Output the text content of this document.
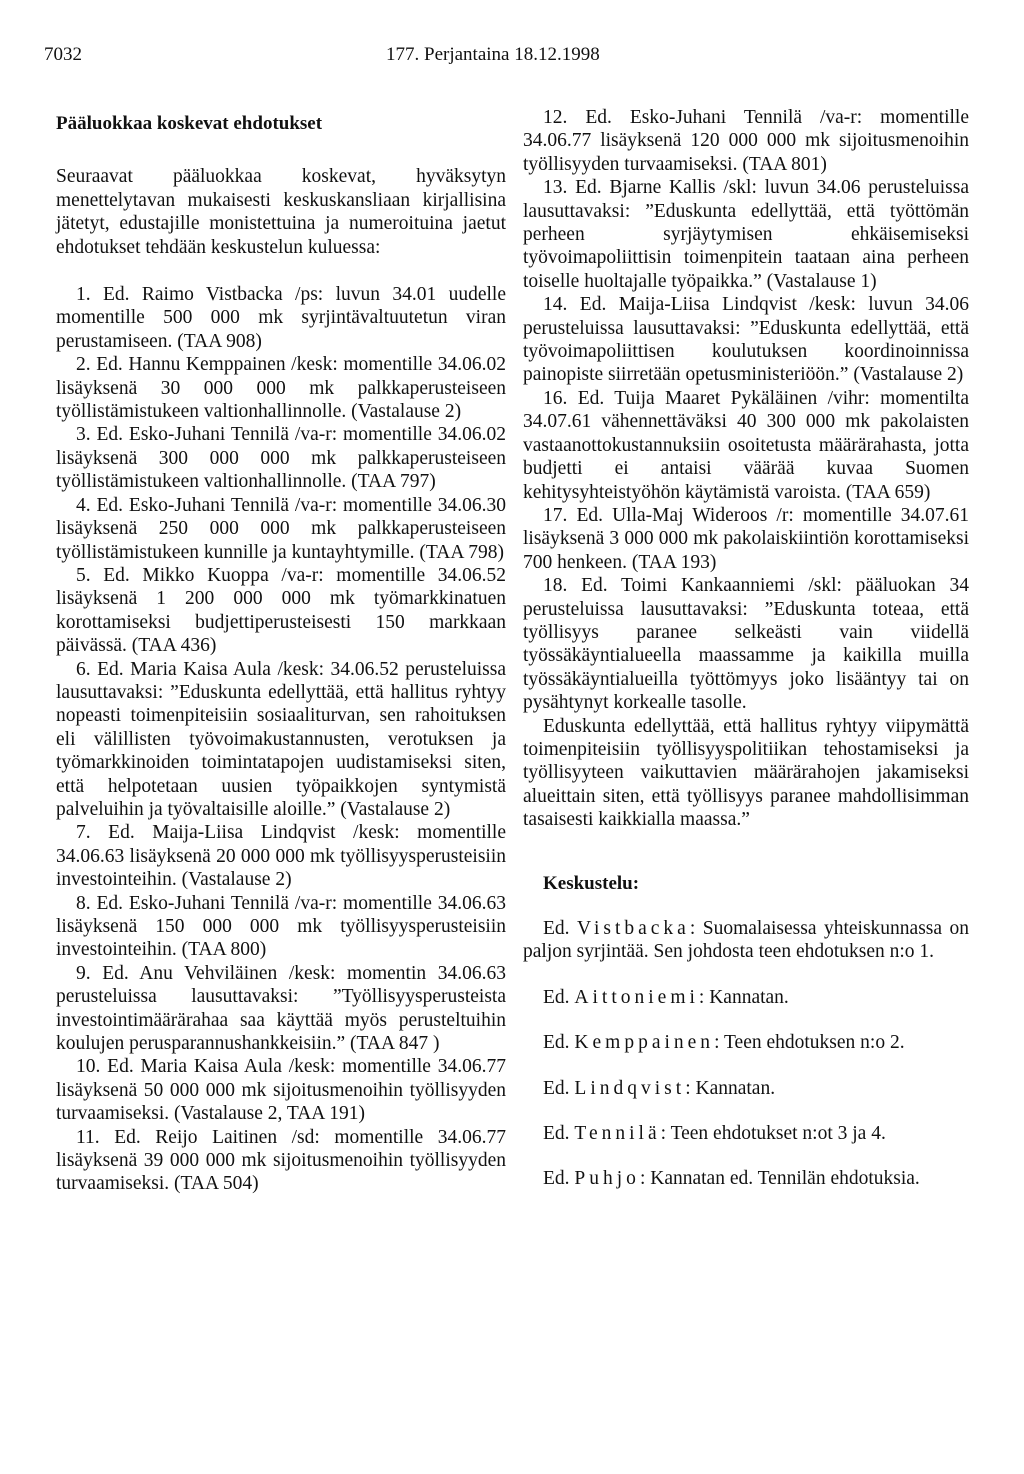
7032	177. Perjantaina 18.12.1998
Pääluokkaa koskevat ehdotukset

Seuraavat pääluokkaa koskevat, hyväksytyn menettelytavan mukaisesti keskuskansliaan kirjallisina jätetyt, edustajille monistettuina ja numeroituina jaetut ehdotukset tehdään keskustelun kuluessa:

1. Ed. Raimo Vistbacka /ps: luvun 34.01 uudelle momentille 500 000 mk syrjintävaltuutetun viran perustamiseen. (TAA 908)

2. Ed. Hannu Kemppainen /kesk: momentille 34.06.02 lisäyksenä 30 000 000 mk palkkaperusteiseen työllistämistukeen valtionhallinnolle. (Vastalause 2)

3. Ed. Esko-Juhani Tennilä /va-r: momentille 34.06.02 lisäyksenä 300 000 000 mk palkkaperusteiseen työllistämistukeen valtionhallinnolle. (TAA 797)

4. Ed. Esko-Juhani Tennilä /va-r: momentille 34.06.30 lisäyksenä 250 000 000 mk palkkaperusteiseen työllistämistukeen kunnille ja kuntayhtymille. (TAA 798)

5. Ed. Mikko Kuoppa /va-r: momentille 34.06.52 lisäyksenä 1 200 000 000 mk työmarkkinatuen korottamiseksi budjettiperusteisesti 150 markkaan päivässä. (TAA 436)

6. Ed. Maria Kaisa Aula /kesk: 34.06.52 perusteluissa lausuttavaksi: ”Eduskunta edellyttää, että hallitus ryhtyy nopeasti toimenpiteisiin sosiaaliturvan, sen rahoituksen eli välillisten työvoimakustannusten, verotuksen ja työmarkkinoiden toimintatapojen uudistamiseksi siten, että helpotetaan uusien työpaikkojen syntymistä palveluihin ja työvaltaisille aloille.” (Vastalause 2)

7. Ed. Maija-Liisa Lindqvist /kesk: momentille 34.06.63 lisäyksenä 20 000 000 mk työllisyysperusteisiin investointeihin. (Vastalause 2)

8. Ed. Esko-Juhani Tennilä /va-r: momentille 34.06.63 lisäyksenä 150 000 000 mk työllisyysperusteisiin investointeihin. (TAA 800)

9. Ed. Anu Vehviläinen /kesk: momentin 34.06.63 perusteluissa lausuttavaksi: ”Työllisyysperusteista investointimäärärahaa saa käyttää myös perusteltuihin koulujen perusparannushankkeisiin.” (TAA 847 )

10. Ed. Maria Kaisa Aula /kesk: momentille 34.06.77 lisäyksenä 50 000 000 mk sijoitusmenoihin työllisyyden turvaamiseksi. (Vastalause 2, TAA 191)

11. Ed. Reijo Laitinen /sd: momentille 34.06.77 lisäyksenä 39 000 000 mk sijoitusmenoihin työllisyyden turvaamiseksi. (TAA 504)

12. Ed. Esko-Juhani Tennilä /va-r: momentille 34.06.77 lisäyksenä 120 000 000 mk sijoitusmenoihin työllisyyden turvaamiseksi. (TAA 801)

13. Ed. Bjarne Kallis /skl: luvun 34.06 perusteluissa lausuttavaksi: ”Eduskunta edellyttää, että työttömän perheen syrjäytymisen ehkäisemiseksi työvoimapoliittisin toimenpitein taataan aina perheen toiselle huoltajalle työpaikka.” (Vastalause 1)

14. Ed. Maija-Liisa Lindqvist /kesk: luvun 34.06 perusteluissa lausuttavaksi: ”Eduskunta edellyttää, että työvoimapoliittisen koulutuksen koordinoinnissa painopiste siirretään opetusministeriöön.” (Vastalause 2)

16. Ed. Tuija Maaret Pykäläinen /vihr: momentilta 34.07.61 vähennettäväksi 40 300 000 mk pakolaisten vastaanottokustannuksiin osoitetusta määrärahasta, jotta budjetti ei antaisi väärää kuvaa Suomen kehitysyhteistyöhön käytämistä varoista. (TAA 659)

17. Ed. Ulla-Maj Wideroos /r: momentille 34.07.61 lisäyksenä 3 000 000 mk pakolaiskiintiön korottamiseksi 700 henkeen. (TAA 193)

18. Ed. Toimi Kankaanniemi /skl: pääluokan 34 perusteluissa lausuttavaksi: ”Eduskunta toteaa, että työllisyys paranee selkeästi vain viidellä työssäkäyntialueella maassamme ja kaikilla muilla työssäkäyntialueilla työttömyys joko lisääntyy tai on pysähtynyt korkealle tasolle.

Eduskunta edellyttää, että hallitus ryhtyy viipymättä toimenpiteisiin työllisyyspolitiikan tehostamiseksi ja työllisyyteen vaikuttavien määrärahojen jakamiseksi alueittain siten, että työllisyys paranee mahdollisimman tasaisesti kaikkialla maassa.”

Keskustelu:

Ed. Vistbacka: Suomalaisessa yhteiskunnassa on paljon syrjintää. Sen johdosta teen ehdotuksen n:o 1.

Ed. Aittoniemi: Kannatan.

Ed. Kemppainen: Teen ehdotuksen n:o 2.

Ed. Lindqvist: Kannatan.

Ed. Tennilä: Teen ehdotukset n:ot 3 ja 4.

Ed. Puhjo: Kannatan ed. Tennilän ehdotuksia.
